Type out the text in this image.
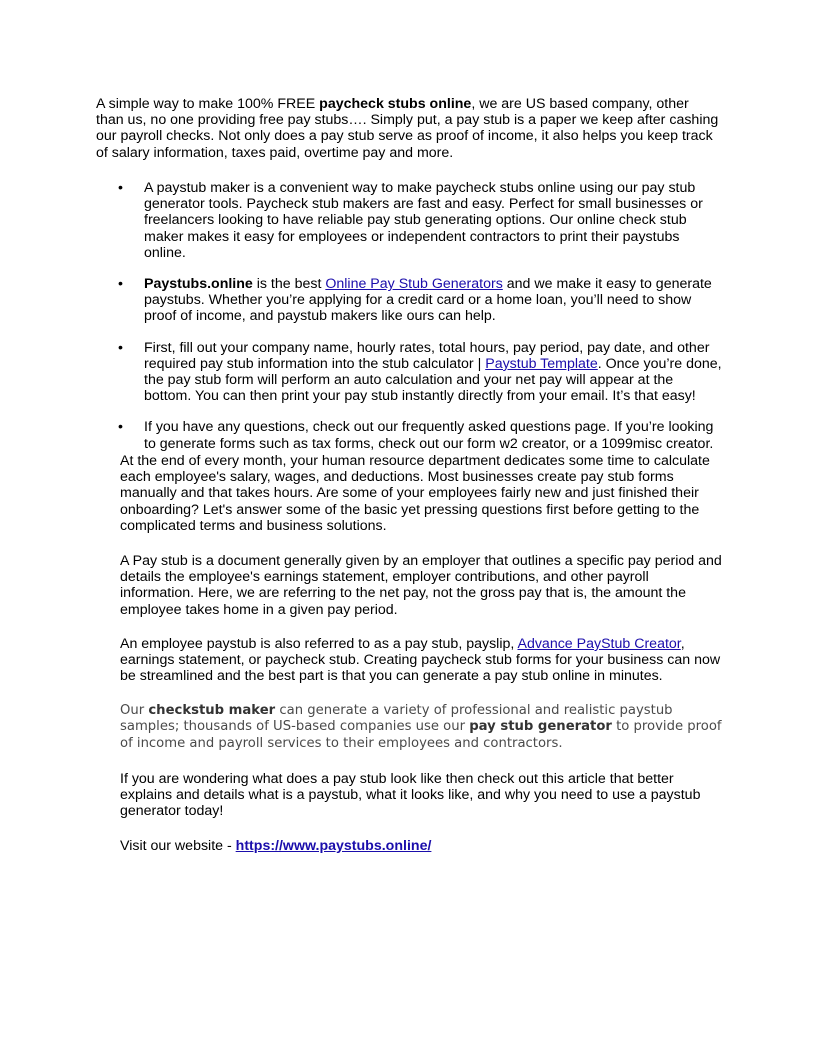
A simple way to make 100% FREE paycheck stubs online, we are US based company, other than us, no one providing free pay stubs…. Simply put, a pay stub is a paper we keep after cashing our payroll checks. Not only does a pay stub serve as proof of income, it also helps you keep track of salary information, taxes paid, overtime pay and more.

• A paystub maker is a convenient way to make paycheck stubs online using our pay stub generator tools. Paycheck stub makers are fast and easy. Perfect for small businesses or freelancers looking to have reliable pay stub generating options. Our online check stub maker makes it easy for employees or independent contractors to print their paystubs online.
• Paystubs.online is the best Online Pay Stub Generators and we make it easy to generate paystubs. Whether you’re applying for a credit card or a home loan, you’ll need to show proof of income, and paystub makers like ours can help.
• First, fill out your company name, hourly rates, total hours, pay period, pay date, and other required pay stub information into the stub calculator | Paystub Template. Once you’re done, the pay stub form will perform an auto calculation and your net pay will appear at the bottom. You can then print your pay stub instantly directly from your email. It’s that easy!
• If you have any questions, check out our frequently asked questions page. If you’re looking to generate forms such as tax forms, check out our form w2 creator, or a 1099misc creator.

At the end of every month, your human resource department dedicates some time to calculate each employee's salary, wages, and deductions. Most businesses create pay stub forms manually and that takes hours. Are some of your employees fairly new and just finished their onboarding? Let's answer some of the basic yet pressing questions first before getting to the complicated terms and business solutions.

A Pay stub is a document generally given by an employer that outlines a specific pay period and details the employee's earnings statement, employer contributions, and other payroll information. Here, we are referring to the net pay, not the gross pay that is, the amount the employee takes home in a given pay period.

An employee paystub is also referred to as a pay stub, payslip, Advance PayStub Creator, earnings statement, or paycheck stub. Creating paycheck stub forms for your business can now be streamlined and the best part is that you can generate a pay stub online in minutes.

Our checkstub maker can generate a variety of professional and realistic paystub samples; thousands of US-based companies use our pay stub generator to provide proof of income and payroll services to their employees and contractors.

If you are wondering what does a pay stub look like then check out this article that better explains and details what is a paystub, what it looks like, and why you need to use a paystub generator today!

Visit our website - https://www.paystubs.online/
